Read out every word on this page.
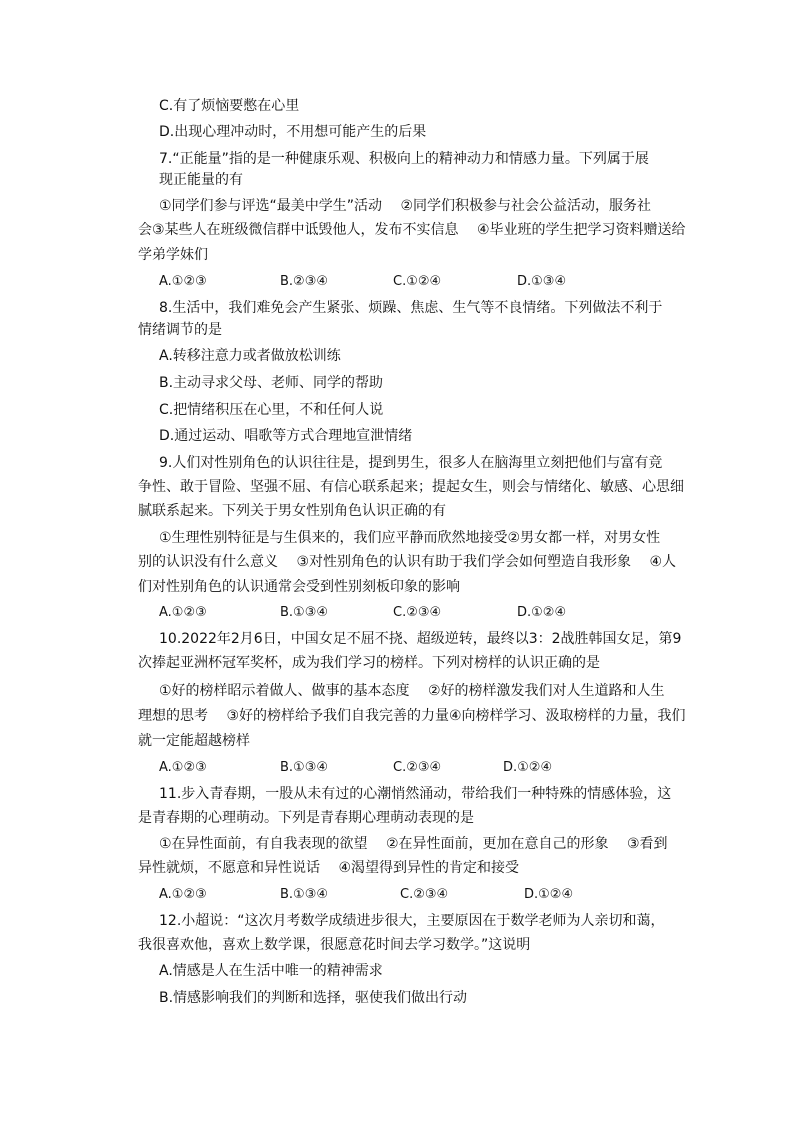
C.有了烦恼要憋在心里
D.出现心理冲动时，不用想可能产生的后果
7.“正能量”指的是一种健康乐观、积极向上的精神动力和情感力量。下列属于展
现正能量的有
①同学们参与评选“最美中学生”活动　 ②同学们积极参与社会公益活动，服务社
会③某些人在班级微信群中诋毁他人，发布不实信息　 ④毕业班的学生把学习资料赠送给
学弟学妹们
A.①②③	B.②③④	C.①②④	D.①③④
8.生活中，我们难免会产生紧张、烦躁、焦虑、生气等不良情绪。下列做法不利于
情绪调节的是
A.转移注意力或者做放松训练
B.主动寻求父母、老师、同学的帮助
C.把情绪积压在心里，不和任何人说
D.通过运动、唱歌等方式合理地宣泄情绪
9.人们对性别角色的认识往往是，提到男生，很多人在脑海里立刻把他们与富有竞
争性、敢于冒险、坚强不屈、有信心联系起来；提起女生，则会与情绪化、敏感、心思细
腻联系起来。下列关于男女性别角色认识正确的有
①生理性别特征是与生俱来的，我们应平静而欣然地接受②男女都一样，对男女性
别的认识没有什么意义　 ③对性别角色的认识有助于我们学会如何塑造自我形象　 ④人
们对性别角色的认识通常会受到性别刻板印象的影响
A.①②③	B.①③④	C.②③④	D.①②④
10.2022年2月6日，中国女足不屈不挠、超级逆转，最终以3：2战胜韩国女足，第9
次捧起亚洲杯冠军奖杯，成为我们学习的榜样。下列对榜样的认识正确的是
①好的榜样昭示着做人、做事的基本态度　 ②好的榜样激发我们对人生道路和人生
理想的思考　 ③好的榜样给予我们自我完善的力量④向榜样学习、汲取榜样的力量，我们
就一定能超越榜样
A.①②③	B.①③④	C.②③④	D.①②④
11.步入青春期，一股从未有过的心潮悄然涌动，带给我们一种特殊的情感体验，这
是青春期的心理萌动。下列是青春期心理萌动表现的是
①在异性面前，有自我表现的欲望　 ②在异性面前，更加在意自己的形象　 ③看到
异性就烦，不愿意和异性说话　 ④渴望得到异性的肯定和接受
A.①②③	B.①③④	C.②③④	D.①②④
12.小超说：“这次月考数学成绩进步很大，主要原因在于数学老师为人亲切和蔼，
我很喜欢他，喜欢上数学课，很愿意花时间去学习数学。”这说明
A.情感是人在生活中唯一的精神需求
B.情感影响我们的判断和选择，驱使我们做出行动
